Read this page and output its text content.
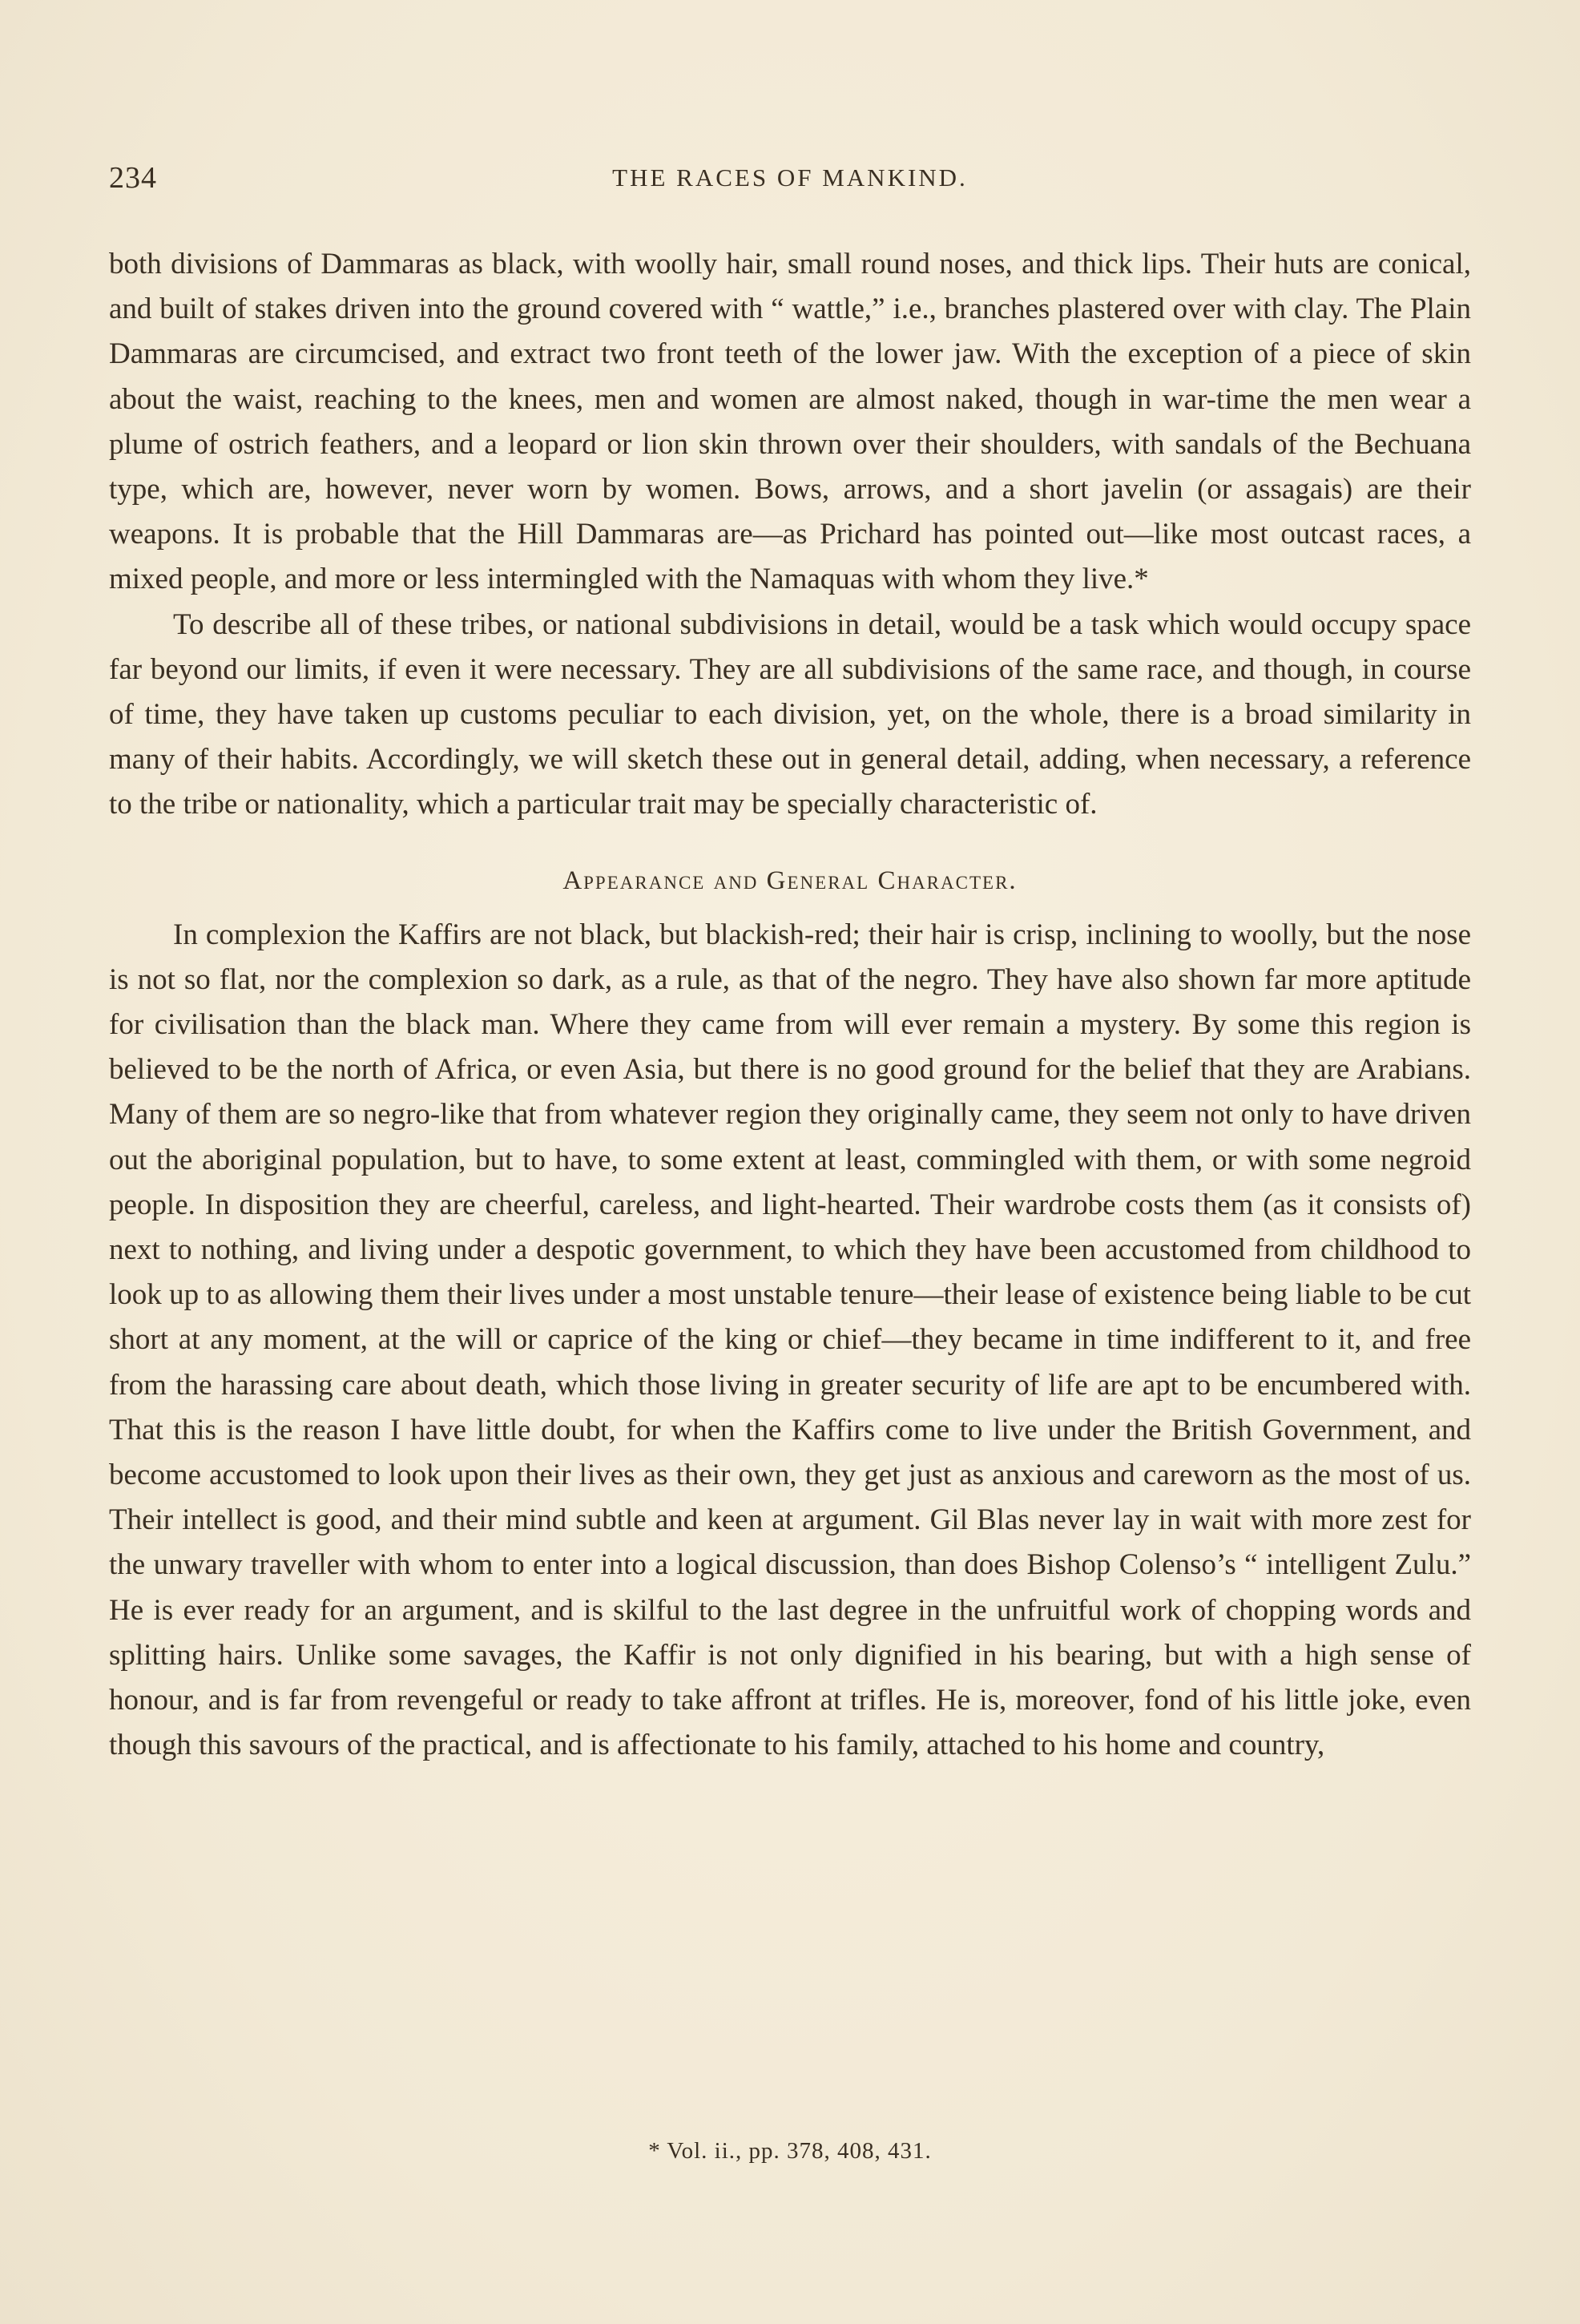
234	THE RACES OF MANKIND.

both divisions of Dammaras as black, with woolly hair, small round noses, and thick lips. Their huts are conical, and built of stakes driven into the ground covered with “ wattle,” i.e., branches plastered over with clay. The Plain Dammaras are circumcised, and extract two front teeth of the lower jaw. With the exception of a piece of skin about the waist, reaching to the knees, men and women are almost naked, though in war-time the men wear a plume of ostrich feathers, and a leopard or lion skin thrown over their shoulders, with sandals of the Bechuana type, which are, however, never worn by women. Bows, arrows, and a short javelin (or assagais) are their weapons. It is probable that the Hill Dammaras are—as Prichard has pointed out—like most outcast races, a mixed people, and more or less intermingled with the Namaquas with whom they live.*

To describe all of these tribes, or national subdivisions in detail, would be a task which would occupy space far beyond our limits, if even it were necessary. They are all subdivisions of the same race, and though, in course of time, they have taken up customs peculiar to each division, yet, on the whole, there is a broad similarity in many of their habits. Accordingly, we will sketch these out in general detail, adding, when necessary, a reference to the tribe or nationality, which a particular trait may be specially characteristic of.

Appearance and General Character.

In complexion the Kaffirs are not black, but blackish-red; their hair is crisp, inclining to woolly, but the nose is not so flat, nor the complexion so dark, as a rule, as that of the negro. They have also shown far more aptitude for civilisation than the black man. Where they came from will ever remain a mystery. By some this region is believed to be the north of Africa, or even Asia, but there is no good ground for the belief that they are Arabians. Many of them are so negro-like that from whatever region they originally came, they seem not only to have driven out the aboriginal population, but to have, to some extent at least, commingled with them, or with some negroid people. In disposition they are cheerful, careless, and light-hearted. Their wardrobe costs them (as it consists of) next to nothing, and living under a despotic government, to which they have been accustomed from childhood to look up to as allowing them their lives under a most unstable tenure—their lease of existence being liable to be cut short at any moment, at the will or caprice of the king or chief—they became in time indifferent to it, and free from the harassing care about death, which those living in greater security of life are apt to be encumbered with. That this is the reason I have little doubt, for when the Kaffirs come to live under the British Government, and become accustomed to look upon their lives as their own, they get just as anxious and careworn as the most of us. Their intellect is good, and their mind subtle and keen at argument. Gil Blas never lay in wait with more zest for the unwary traveller with whom to enter into a logical discussion, than does Bishop Colenso’s “ intelligent Zulu.” He is ever ready for an argument, and is skilful to the last degree in the unfruitful work of chopping words and splitting hairs. Unlike some savages, the Kaffir is not only dignified in his bearing, but with a high sense of honour, and is far from revengeful or ready to take affront at trifles. He is, moreover, fond of his little joke, even though this savours of the practical, and is affectionate to his family, attached to his home and country,

* Vol. ii., pp. 378, 408, 431.
